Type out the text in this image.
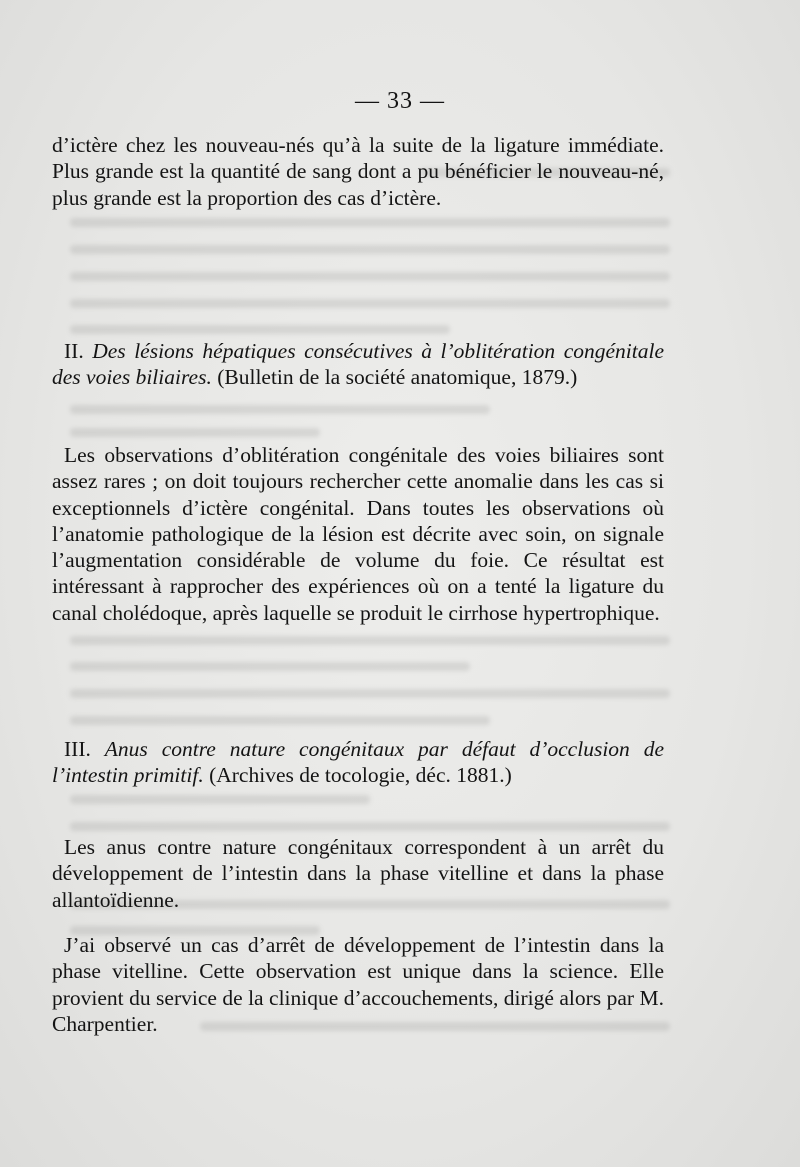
— 33 —

d’ictère chez les nouveau-nés qu’à la suite de la ligature immédiate. Plus grande est la quantité de sang dont a pu bénéficier le nouveau-né, plus grande est la proportion des cas d’ictère.

II. Des lésions hépatiques consécutives à l’oblitération congénitale des voies biliaires. (Bulletin de la société anatomique, 1879.)

Les observations d’oblitération congénitale des voies biliaires sont assez rares ; on doit toujours rechercher cette anomalie dans les cas si exceptionnels d’ictère congénital. Dans toutes les observations où l’anatomie pathologique de la lésion est décrite avec soin, on signale l’augmentation considérable de volume du foie. Ce résultat est intéressant à rapprocher des expériences où on a tenté la ligature du canal cholédoque, après laquelle se produit le cirrhose hypertrophique.

III. Anus contre nature congénitaux par défaut d’occlusion de l’intestin primitif. (Archives de tocologie, déc. 1881.)

Les anus contre nature congénitaux correspondent à un arrêt du développement de l’intestin dans la phase vitelline et dans la phase allantoïdienne.

J’ai observé un cas d’arrêt de développement de l’intestin dans la phase vitelline. Cette observation est unique dans la science. Elle provient du service de la clinique d’accouchements, dirigé alors par M. Charpentier.
